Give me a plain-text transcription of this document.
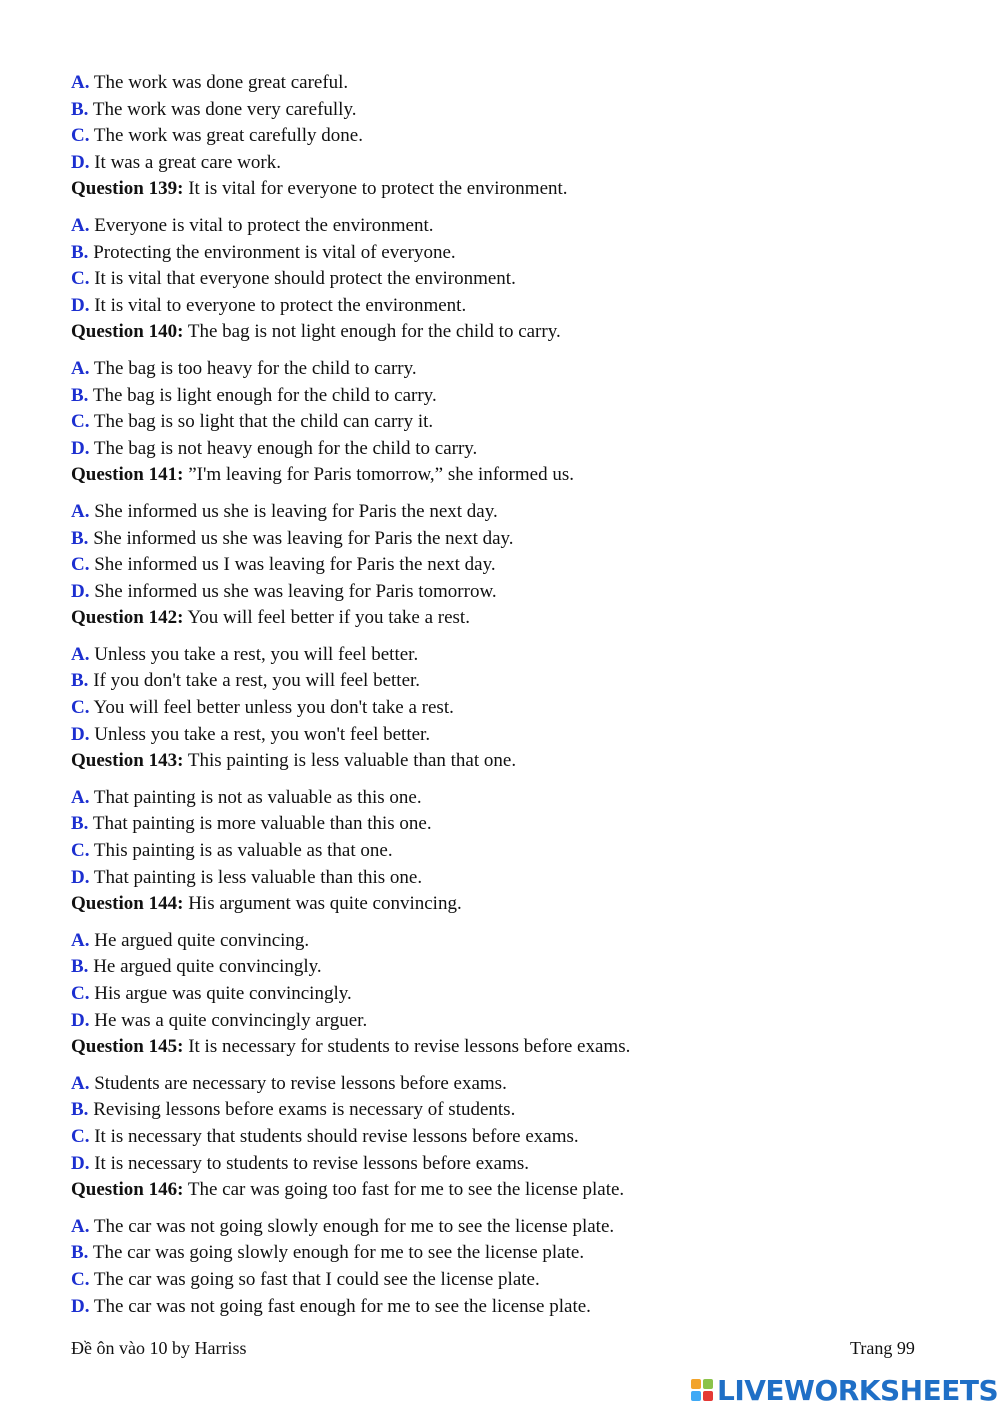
A. The work was done great careful.
B. The work was done very carefully.
C. The work was great carefully done.
D. It was a great care work.
Question 139: It is vital for everyone to protect the environment.
A. Everyone is vital to protect the environment.
B. Protecting the environment is vital of everyone.
C. It is vital that everyone should protect the environment.
D. It is vital to everyone to protect the environment.
Question 140: The bag is not light enough for the child to carry.
A. The bag is too heavy for the child to carry.
B. The bag is light enough for the child to carry.
C. The bag is so light that the child can carry it.
D. The bag is not heavy enough for the child to carry.
Question 141: ”I'm leaving for Paris tomorrow,” she informed us.
A. She informed us she is leaving for Paris the next day.
B. She informed us she was leaving for Paris the next day.
C. She informed us I was leaving for Paris the next day.
D. She informed us she was leaving for Paris tomorrow.
Question 142: You will feel better if you take a rest.
A. Unless you take a rest, you will feel better.
B. If you don't take a rest, you will feel better.
C. You will feel better unless you don't take a rest.
D. Unless you take a rest, you won't feel better.
Question 143: This painting is less valuable than that one.
A. That painting is not as valuable as this one.
B. That painting is more valuable than this one.
C. This painting is as valuable as that one.
D. That painting is less valuable than this one.
Question 144: His argument was quite convincing.
A. He argued quite convincing.
B. He argued quite convincingly.
C. His argue was quite convincingly.
D. He was a quite convincingly arguer.
Question 145: It is necessary for students to revise lessons before exams.
A. Students are necessary to revise lessons before exams.
B. Revising lessons before exams is necessary of students.
C. It is necessary that students should revise lessons before exams.
D. It is necessary to students to revise lessons before exams.
Question 146: The car was going too fast for me to see the license plate.
A. The car was not going slowly enough for me to see the license plate.
B. The car was going slowly enough for me to see the license plate.
C. The car was going so fast that I could see the license plate.
D. The car was not going fast enough for me to see the license plate.
Đề ôn vào 10 by Harriss	Trang 99
LIVEWORKSHEETS
